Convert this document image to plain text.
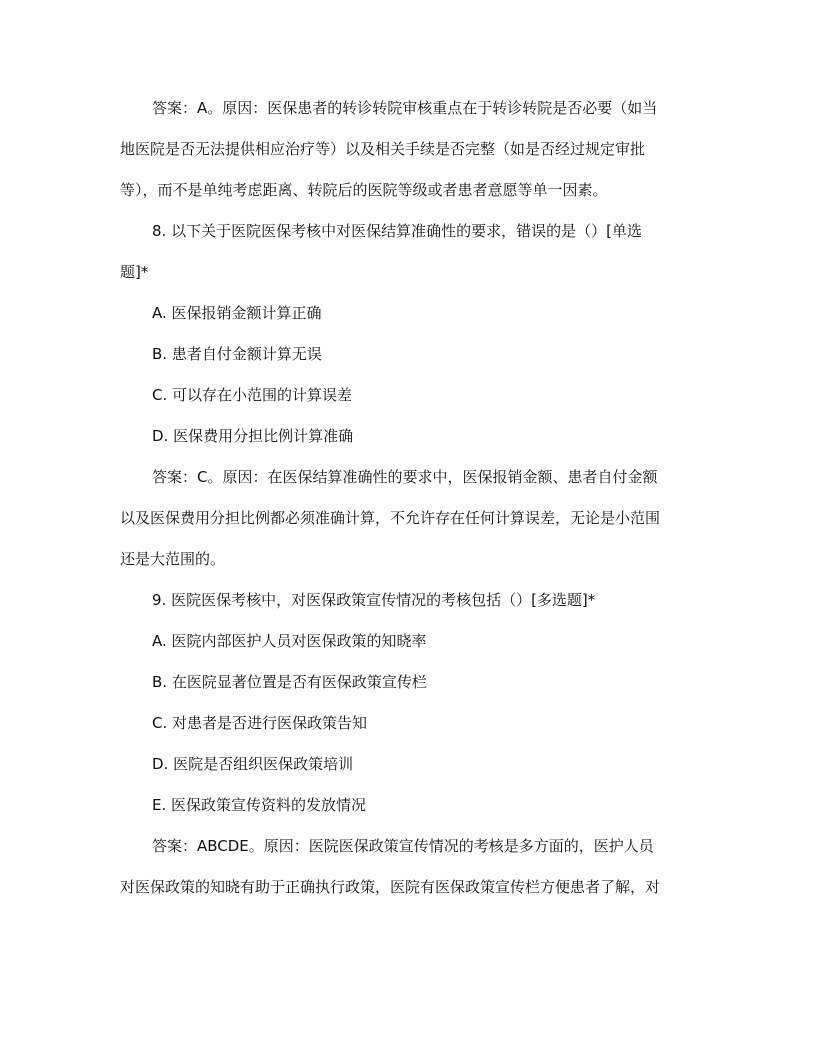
答案：A。原因：医保患者的转诊转院审核重点在于转诊转院是否必要（如当

地医院是否无法提供相应治疗等）以及相关手续是否完整（如是否经过规定审批

等），而不是单纯考虑距离、转院后的医院等级或者患者意愿等单一因素。

8. 以下关于医院医保考核中对医保结算准确性的要求，错误的是（）[单选

题]*

A. 医保报销金额计算正确

B. 患者自付金额计算无误

C. 可以存在小范围的计算误差

D. 医保费用分担比例计算准确

答案：C。原因：在医保结算准确性的要求中，医保报销金额、患者自付金额

以及医保费用分担比例都必须准确计算，不允许存在任何计算误差，无论是小范围

还是大范围的。

9. 医院医保考核中，对医保政策宣传情况的考核包括（）[多选题]*

A. 医院内部医护人员对医保政策的知晓率

B. 在医院显著位置是否有医保政策宣传栏

C. 对患者是否进行医保政策告知

D. 医院是否组织医保政策培训

E. 医保政策宣传资料的发放情况

答案：ABCDE。原因：医院医保政策宣传情况的考核是多方面的，医护人员

对医保政策的知晓有助于正确执行政策，医院有医保政策宣传栏方便患者了解，对
